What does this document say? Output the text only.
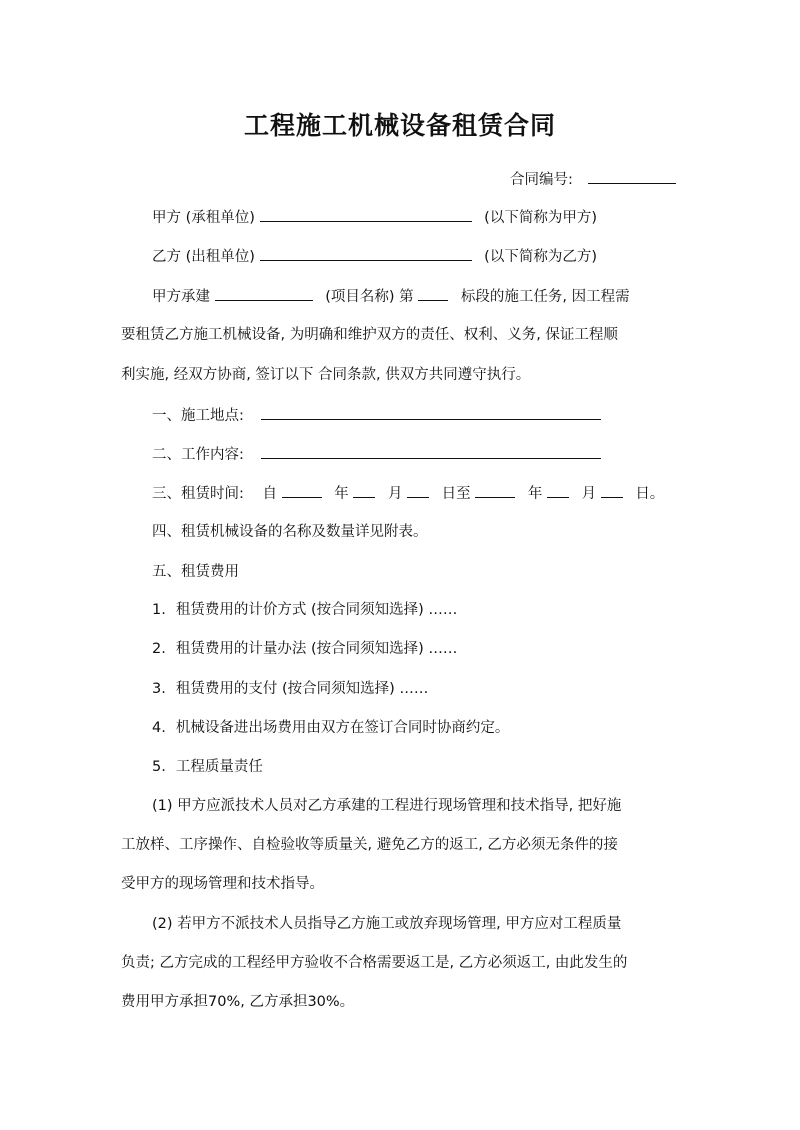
工程施工机械设备租赁合同
合同编号:
甲方 (承租单位)	(以下简称为甲方)
乙方 (出租单位)	(以下简称为乙方)
甲方承建	(项目名称) 第	标段的施工任务, 因工程需
要租赁乙方施工机械设备, 为明确和维护双方的责任、权利、义务, 保证工程顺
利实施, 经双方协商, 签订以下 合同条款, 供双方共同遵守执行。
一、施工地点:
二、工作内容:
三、租赁时间: 自	年	月	日至	年	月	日。
四、租赁机械设备的名称及数量详见附表。
五、租赁费用
1. 租赁费用的计价方式 (按合同须知选择) ……
2. 租赁费用的计量办法 (按合同须知选择) ……
3. 租赁费用的支付 (按合同须知选择) ……
4. 机械设备进出场费用由双方在签订合同时协商约定。
5. 工程质量责任
(1) 甲方应派技术人员对乙方承建的工程进行现场管理和技术指导, 把好施
工放样、工序操作、自检验收等质量关, 避免乙方的返工, 乙方必须无条件的接
受甲方的现场管理和技术指导。
(2) 若甲方不派技术人员指导乙方施工或放弃现场管理, 甲方应对工程质量
负责; 乙方完成的工程经甲方验收不合格需要返工是, 乙方必须返工, 由此发生的
费用甲方承担70%, 乙方承担30%。
